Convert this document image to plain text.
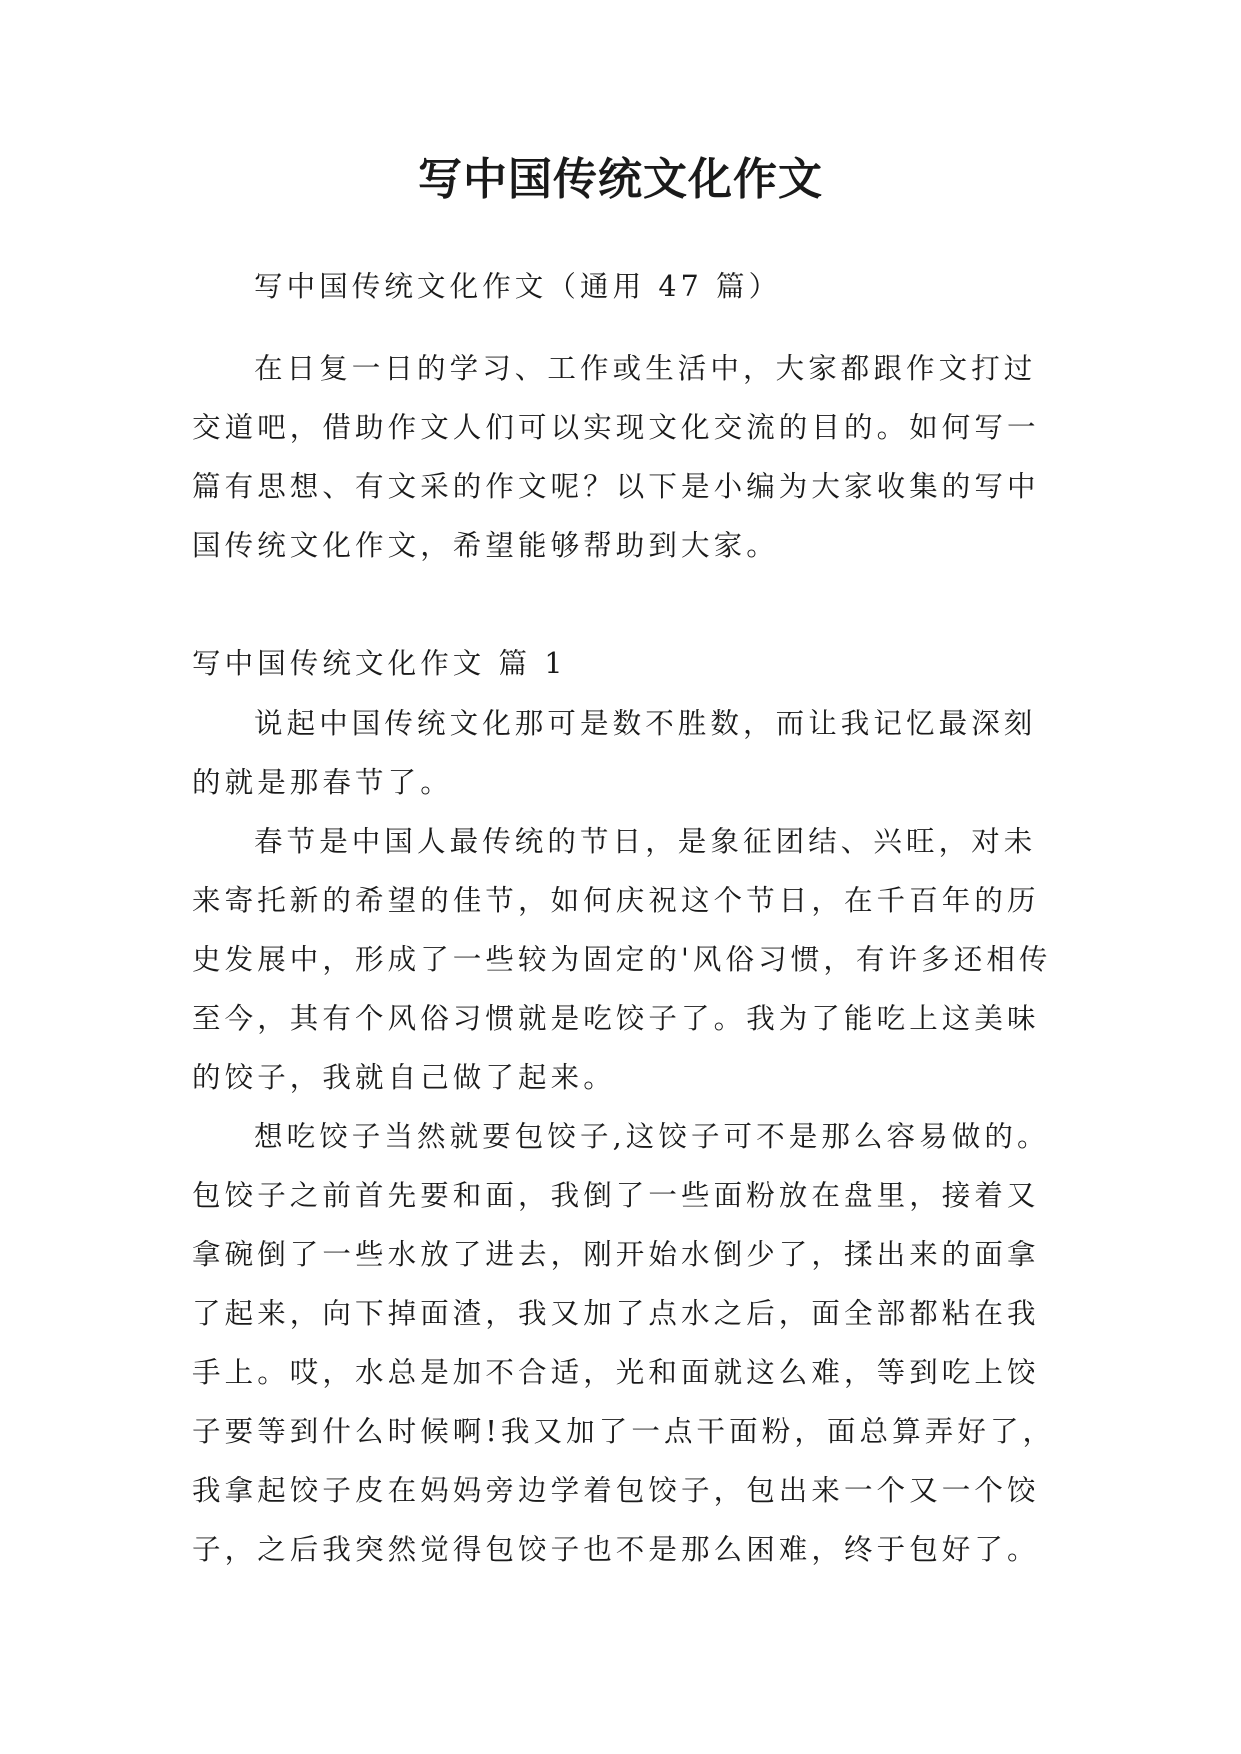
写中国传统文化作文

写中国传统文化作文（通用 47 篇）

在日复一日的学习、工作或生活中，大家都跟作文打过交道吧，借助作文人们可以实现文化交流的目的。如何写一篇有思想、有文采的作文呢？以下是小编为大家收集的写中国传统文化作文，希望能够帮助到大家。

写中国传统文化作文 篇 1

说起中国传统文化那可是数不胜数，而让我记忆最深刻的就是那春节了。

春节是中国人最传统的节日，是象征团结、兴旺，对未来寄托新的希望的佳节，如何庆祝这个节日，在千百年的历史发展中，形成了一些较为固定的'风俗习惯，有许多还相传至今，其有个风俗习惯就是吃饺子了。我为了能吃上这美味的饺子，我就自己做了起来。

想吃饺子当然就要包饺子,这饺子可不是那么容易做的。包饺子之前首先要和面，我倒了一些面粉放在盘里，接着又拿碗倒了一些水放了进去，刚开始水倒少了，揉出来的面拿了起来，向下掉面渣，我又加了点水之后，面全部都粘在我手上。哎，水总是加不合适，光和面就这么难，等到吃上饺子要等到什么时候啊!我又加了一点干面粉，面总算弄好了，我拿起饺子皮在妈妈旁边学着包饺子，包出来一个又一个饺子，之后我突然觉得包饺子也不是那么困难，终于包好了。
